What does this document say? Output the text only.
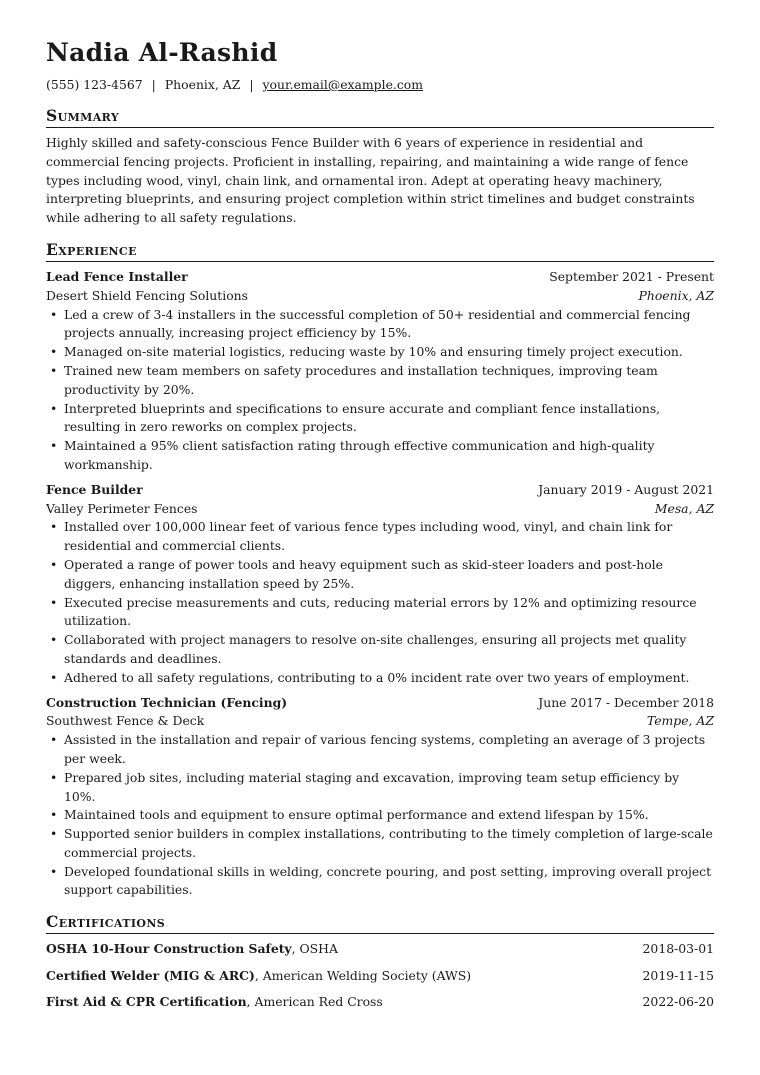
Nadia Al-Rashid
(555) 123-4567 | Phoenix, AZ | your.email@example.com
Summary
Highly skilled and safety-conscious Fence Builder with 6 years of experience in residential and commercial fencing projects. Proficient in installing, repairing, and maintaining a wide range of fence types including wood, vinyl, chain link, and ornamental iron. Adept at operating heavy machinery, interpreting blueprints, and ensuring project completion within strict timelines and budget constraints while adhering to all safety regulations.
Experience
Lead Fence Installer	September 2021 - Present
Desert Shield Fencing Solutions	Phoenix, AZ
• Led a crew of 3-4 installers in the successful completion of 50+ residential and commercial fencing projects annually, increasing project efficiency by 15%.
• Managed on-site material logistics, reducing waste by 10% and ensuring timely project execution.
• Trained new team members on safety procedures and installation techniques, improving team productivity by 20%.
• Interpreted blueprints and specifications to ensure accurate and compliant fence installations, resulting in zero reworks on complex projects.
• Maintained a 95% client satisfaction rating through effective communication and high-quality workmanship.
Fence Builder	January 2019 - August 2021
Valley Perimeter Fences	Mesa, AZ
• Installed over 100,000 linear feet of various fence types including wood, vinyl, and chain link for residential and commercial clients.
• Operated a range of power tools and heavy equipment such as skid-steer loaders and post-hole diggers, enhancing installation speed by 25%.
• Executed precise measurements and cuts, reducing material errors by 12% and optimizing resource utilization.
• Collaborated with project managers to resolve on-site challenges, ensuring all projects met quality standards and deadlines.
• Adhered to all safety regulations, contributing to a 0% incident rate over two years of employment.
Construction Technician (Fencing)	June 2017 - December 2018
Southwest Fence & Deck	Tempe, AZ
• Assisted in the installation and repair of various fencing systems, completing an average of 3 projects per week.
• Prepared job sites, including material staging and excavation, improving team setup efficiency by 10%.
• Maintained tools and equipment to ensure optimal performance and extend lifespan by 15%.
• Supported senior builders in complex installations, contributing to the timely completion of large-scale commercial projects.
• Developed foundational skills in welding, concrete pouring, and post setting, improving overall project support capabilities.
Certifications
OSHA 10-Hour Construction Safety, OSHA	2018-03-01
Certified Welder (MIG & ARC), American Welding Society (AWS)	2019-11-15
First Aid & CPR Certification, American Red Cross	2022-06-20
